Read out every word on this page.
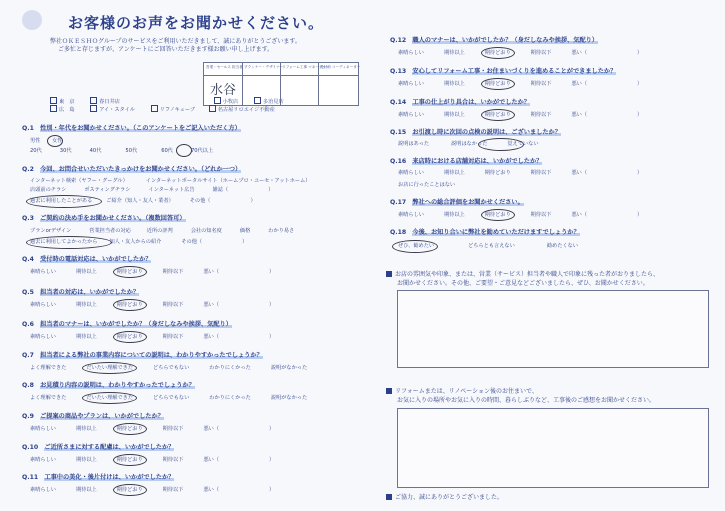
お客様のお声をお聞かせください。
弊社ＯＫＥＳＨＯグループのサービスをご利用いただきまして、誠にありがとうございます。
ご多忙と存じますが、アンケートにご回答いただきます様お願い申し上げます。
営業・セールス 担当者 プランナー・デザイナー
リフォーム工事 マネージャー
受付前 コーディネーター
水谷
東　京	春日井店	小牧店	多治見店
広　島	アイ・スタイル	リフノキューブ	名古屋リロエイジ不動産
Q.1　 性別・年代をお聞かせください。（このアンケートをご記入いただく方）
男性 女性
20代	30代	40代	50代	60代	70代以上
Q.2　 今回、お問合せいただいたきっかけをお聞かせください。（どれか一つ）
インターネット検索（ヤフー・グーグル）	インターネットポータルサイト（ホームプロ・ユーセ・アットホーム）
店頭前のチラシ	ポスティングチラシ	インターネット広告	雑誌（	）
過去に利用したことがある	ご紹介（知人・友人・業者）	その他（	）
Q.3　 ご契約の決め手をお聞かせください。（複数回答可）
プランorデザイン	営業担当者の対応	近所の評判	会社の知名度	価格	わかり易さ
過去に利用してよかったから 知人・友人からの紹介	その他（	）
Q.4　 受付時の電話対応は、いかがでしたか？
素晴らしい	期待以上	期待どおり	期待以下	悪い（	）
Q.5　 担当者の対応は、いかがでしたか？
素晴らしい	期待以上	期待どおり	期待以下	悪い（	）
Q.6　 担当者のマナーは、いかがでしたか？（身だしなみや挨拶、気配り）
素晴らしい	期待以上	期待どおり	期待以下	悪い（	）
Q.7　 担当者による弊社の事業内容についての説明は、わかりやすかったでしょうか？
よく理解できた	だいたい理解できた	どちらでもない	わかりにくかった	説明がなかった
Q.8　 お見積り内容の説明は、わかりやすかったでしょうか？
よく理解できた	だいたい理解できた	どちらでもない	わかりにくかった	説明がなかった
Q.9　 ご提案の商品やプランは、いかがでしたか？
素晴らしい	期待以上	期待どおり	期待以下	悪い（	）
Q.10　 ご近所さまに対する配慮は、いかがでしたか？
素晴らしい	期待以上	期待どおり	期待以下	悪い（	）
Q.11　 工事中の美化・後片付けは、いかがでしたか？
素晴らしい	期待以上	期待どおり	期待以下	悪い（	）
Q.12　 職人のマナーは、いかがでしたか？（身だしなみや挨拶、気配り）
素晴らしい	期待以上	期待どおり	期待以下	悪い（	）
Q.13　 安心してリフォーム工事・お住まいづくりを進めることができましたか？
素晴らしい	期待以上	期待どおり	期待以下	悪い（	）
Q.14　 工事の仕上がり具合は、いかがでしたか？
素晴らしい	期待以上	期待どおり	期待以下	悪い（	）
Q.17　 弊社への総合評価をお聞かせください。
素晴らしい	期待以上	期待どおり	期待以下	悪い（	）
Q.15　 お引渡し時に次回の点検の説明は、ございましたか？
説明はあった	説明はなかった	覚えていない
Q.16　 来店時における店舗対応は、いかがでしたか？
素晴らしい	期待以上	期待どおり	期待以下	悪い（	）
お店に行ったことはない
Q.18　 今後、お知り合いに弊社を勧めていただけますでしょうか？
ぜひ、勧めたい	どちらとも言えない	勧めたくない
お店の雰囲気や印象、または、営業（サービス）担当者や職人で印象に残った者がおりましたら、
お聞かせください。その他、ご要望・ご意見などございましたら、ぜひ、お聞かせください。
リフォームまたは、リノベーション後のお住まいで、
お気に入りの場所やお気に入りの時間、暮らしぶりなど、工事後のご感想をお聞かせください。
ご協力、誠にありがとうございました。
